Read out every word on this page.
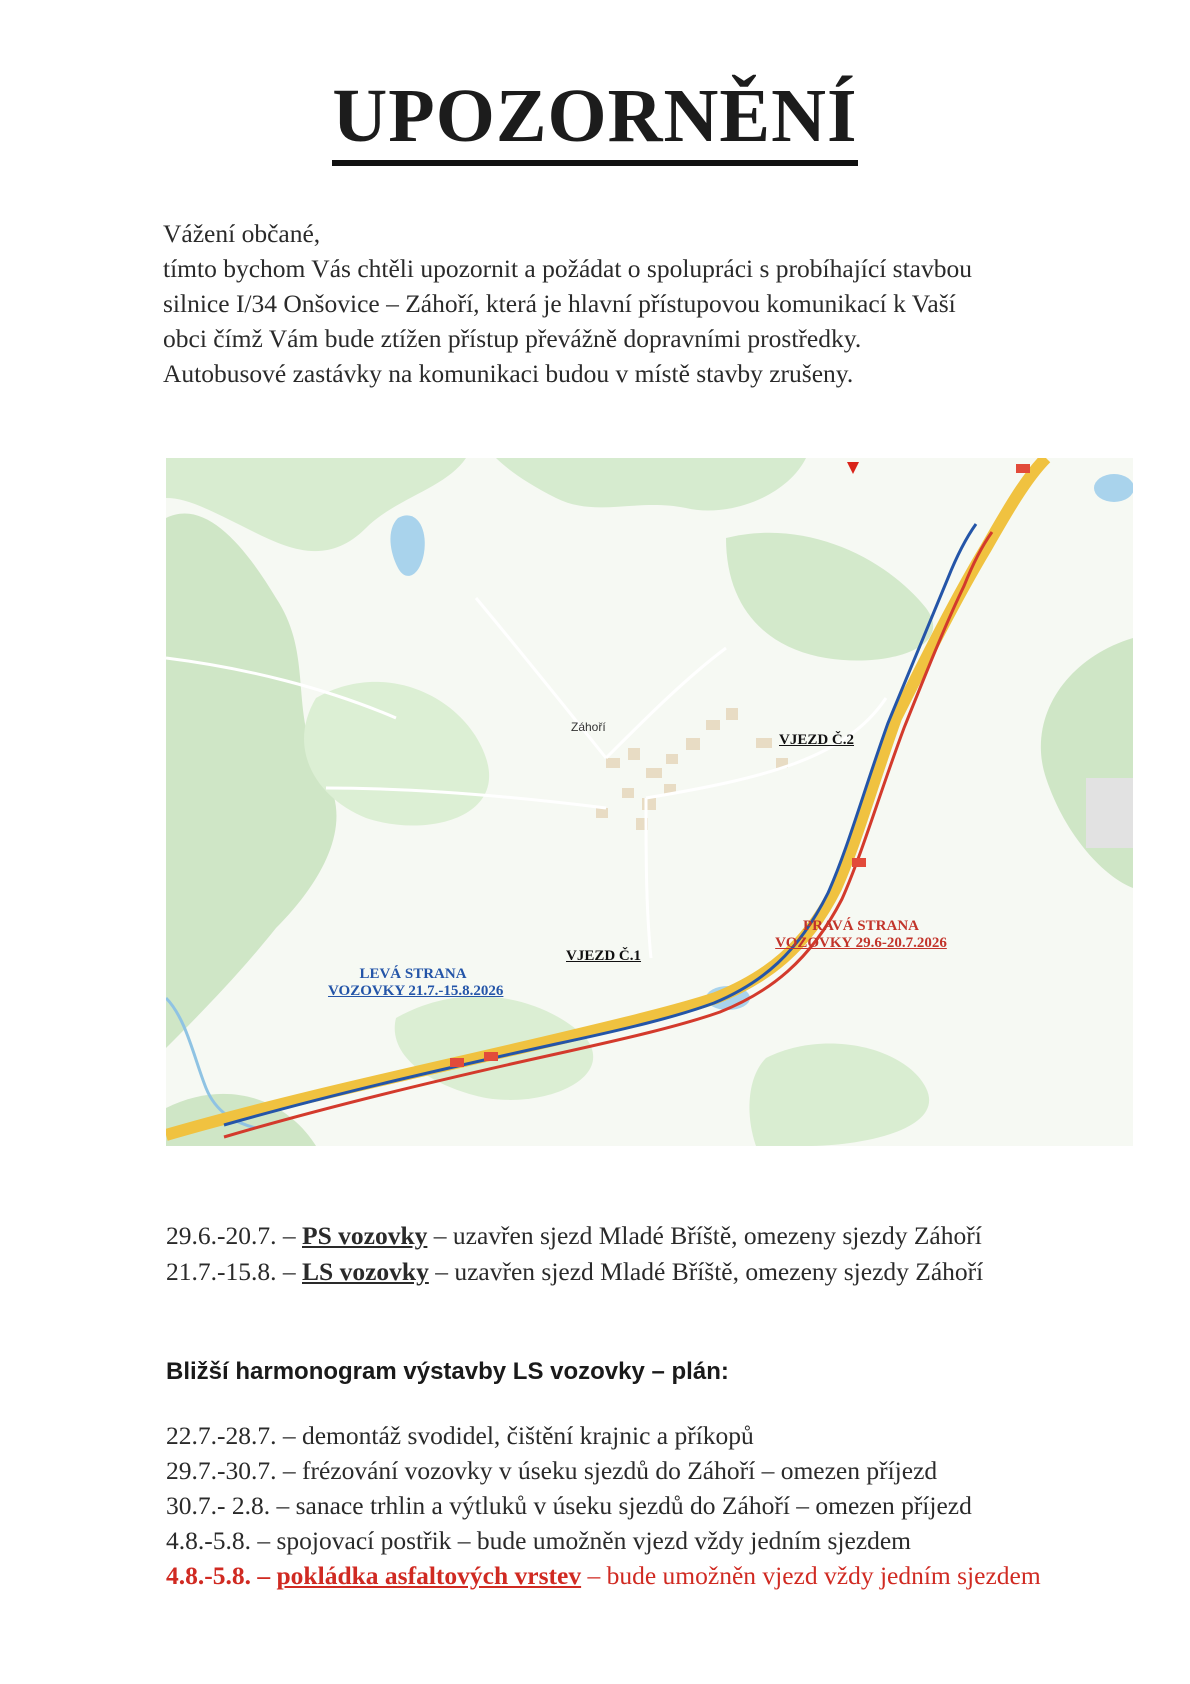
UPOZORNĚNÍ
Vážení občané,
tímto bychom Vás chtěli upozornit a požádat o spolupráci s probíhající stavbou
silnice I/34 Onšovice – Záhoří, která je hlavní přístupovou komunikací k Vaší
obci čímž Vám bude ztížen přístup převážně dopravními prostředky.
Autobusové zastávky na komunikaci budou v místě stavby zrušeny.
Záhoří
VJEZD Č.2
VJEZD Č.1
LEVÁ STRANA
VOZOVKY 21.7.-15.8.2026
PRAVÁ STRANA
VOZOVKY 29.6-20.7.2026
29.6.-20.7. – PS vozovky – uzavřen sjezd Mladé Bříště, omezeny sjezdy Záhoří
21.7.-15.8. – LS vozovky – uzavřen sjezd Mladé Bříště, omezeny sjezdy Záhoří
Bližší harmonogram výstavby LS vozovky – plán:
22.7.-28.7. – demontáž svodidel, čištění krajnic a příkopů
29.7.-30.7. – frézování vozovky v úseku sjezdů do Záhoří – omezen příjezd
30.7.- 2.8. – sanace trhlin a výtluků v úseku sjezdů do Záhoří – omezen příjezd
4.8.-5.8. – spojovací postřik – bude umožněn vjezd vždy jedním sjezdem
4.8.-5.8. – pokládka asfaltových vrstev – bude umožněn vjezd vždy jedním sjezdem
